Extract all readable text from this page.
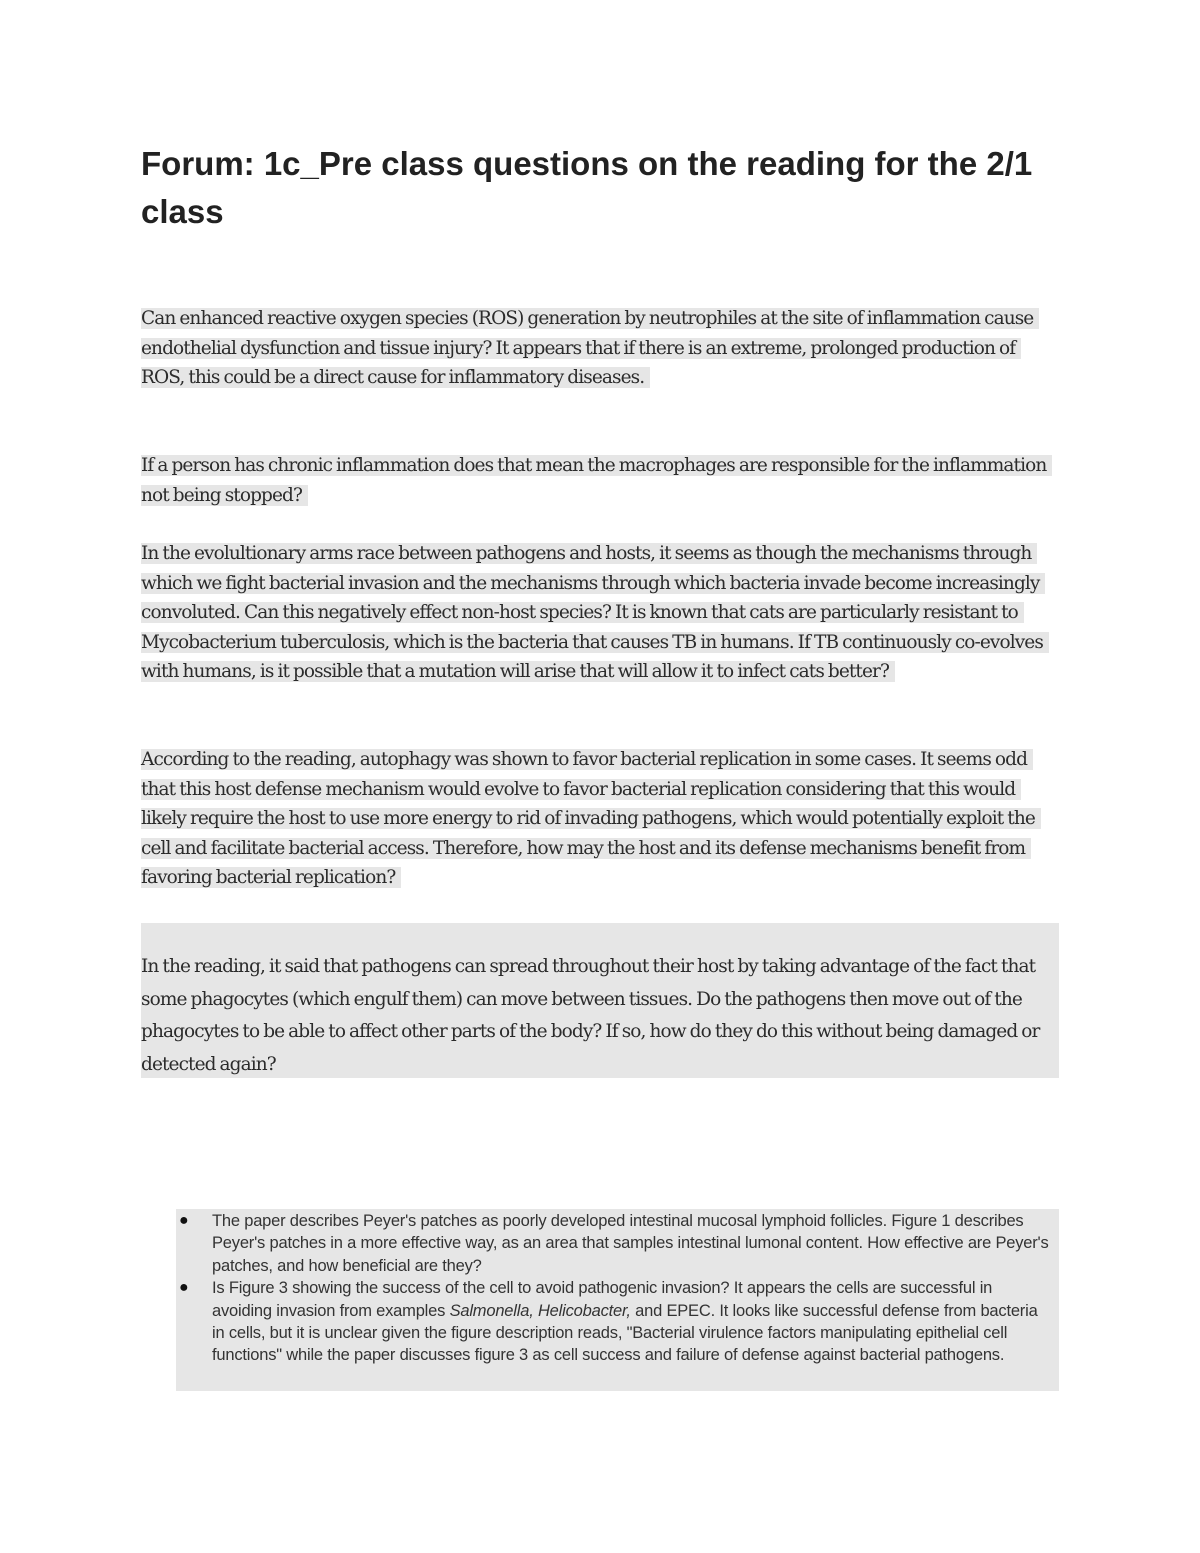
Forum: 1c_Pre class questions on the reading for the 2/1 class

Can enhanced reactive oxygen species (ROS) generation by neutrophiles at the site of inflammation cause endothelial dysfunction and tissue injury? It appears that if there is an extreme, prolonged production of ROS, this could be a direct cause for inflammatory diseases.

If a person has chronic inflammation does that mean the macrophages are responsible for the inflammation not being stopped?

In the evolultionary arms race between pathogens and hosts, it seems as though the mechanisms through which we fight bacterial invasion and the mechanisms through which bacteria invade become increasingly convoluted. Can this negatively effect non-host species? It is known that cats are particularly resistant to Mycobacterium tuberculosis, which is the bacteria that causes TB in humans. If TB continuously co-evolves with humans, is it possible that a mutation will arise that will allow it to infect cats better?

According to the reading, autophagy was shown to favor bacterial replication in some cases. It seems odd that this host defense mechanism would evolve to favor bacterial replication considering that this would likely require the host to use more energy to rid of invading pathogens, which would potentially exploit the cell and facilitate bacterial access. Therefore, how may the host and its defense mechanisms benefit from favoring bacterial replication?

In the reading, it said that pathogens can spread throughout their host by taking advantage of the fact that some phagocytes (which engulf them) can move between tissues. Do the pathogens then move out of the phagocytes to be able to affect other parts of the body? If so, how do they do this without being damaged or detected again?

● The paper describes Peyer's patches as poorly developed intestinal mucosal lymphoid follicles. Figure 1 describes Peyer's patches in a more effective way, as an area that samples intestinal lumonal content. How effective are Peyer's patches, and how beneficial are they?
● Is Figure 3 showing the success of the cell to avoid pathogenic invasion? It appears the cells are successful in avoiding invasion from examples Salmonella, Helicobacter, and EPEC. It looks like successful defense from bacteria in cells, but it is unclear given the figure description reads, "Bacterial virulence factors manipulating epithelial cell functions" while the paper discusses figure 3 as cell success and failure of defense against bacterial pathogens.
